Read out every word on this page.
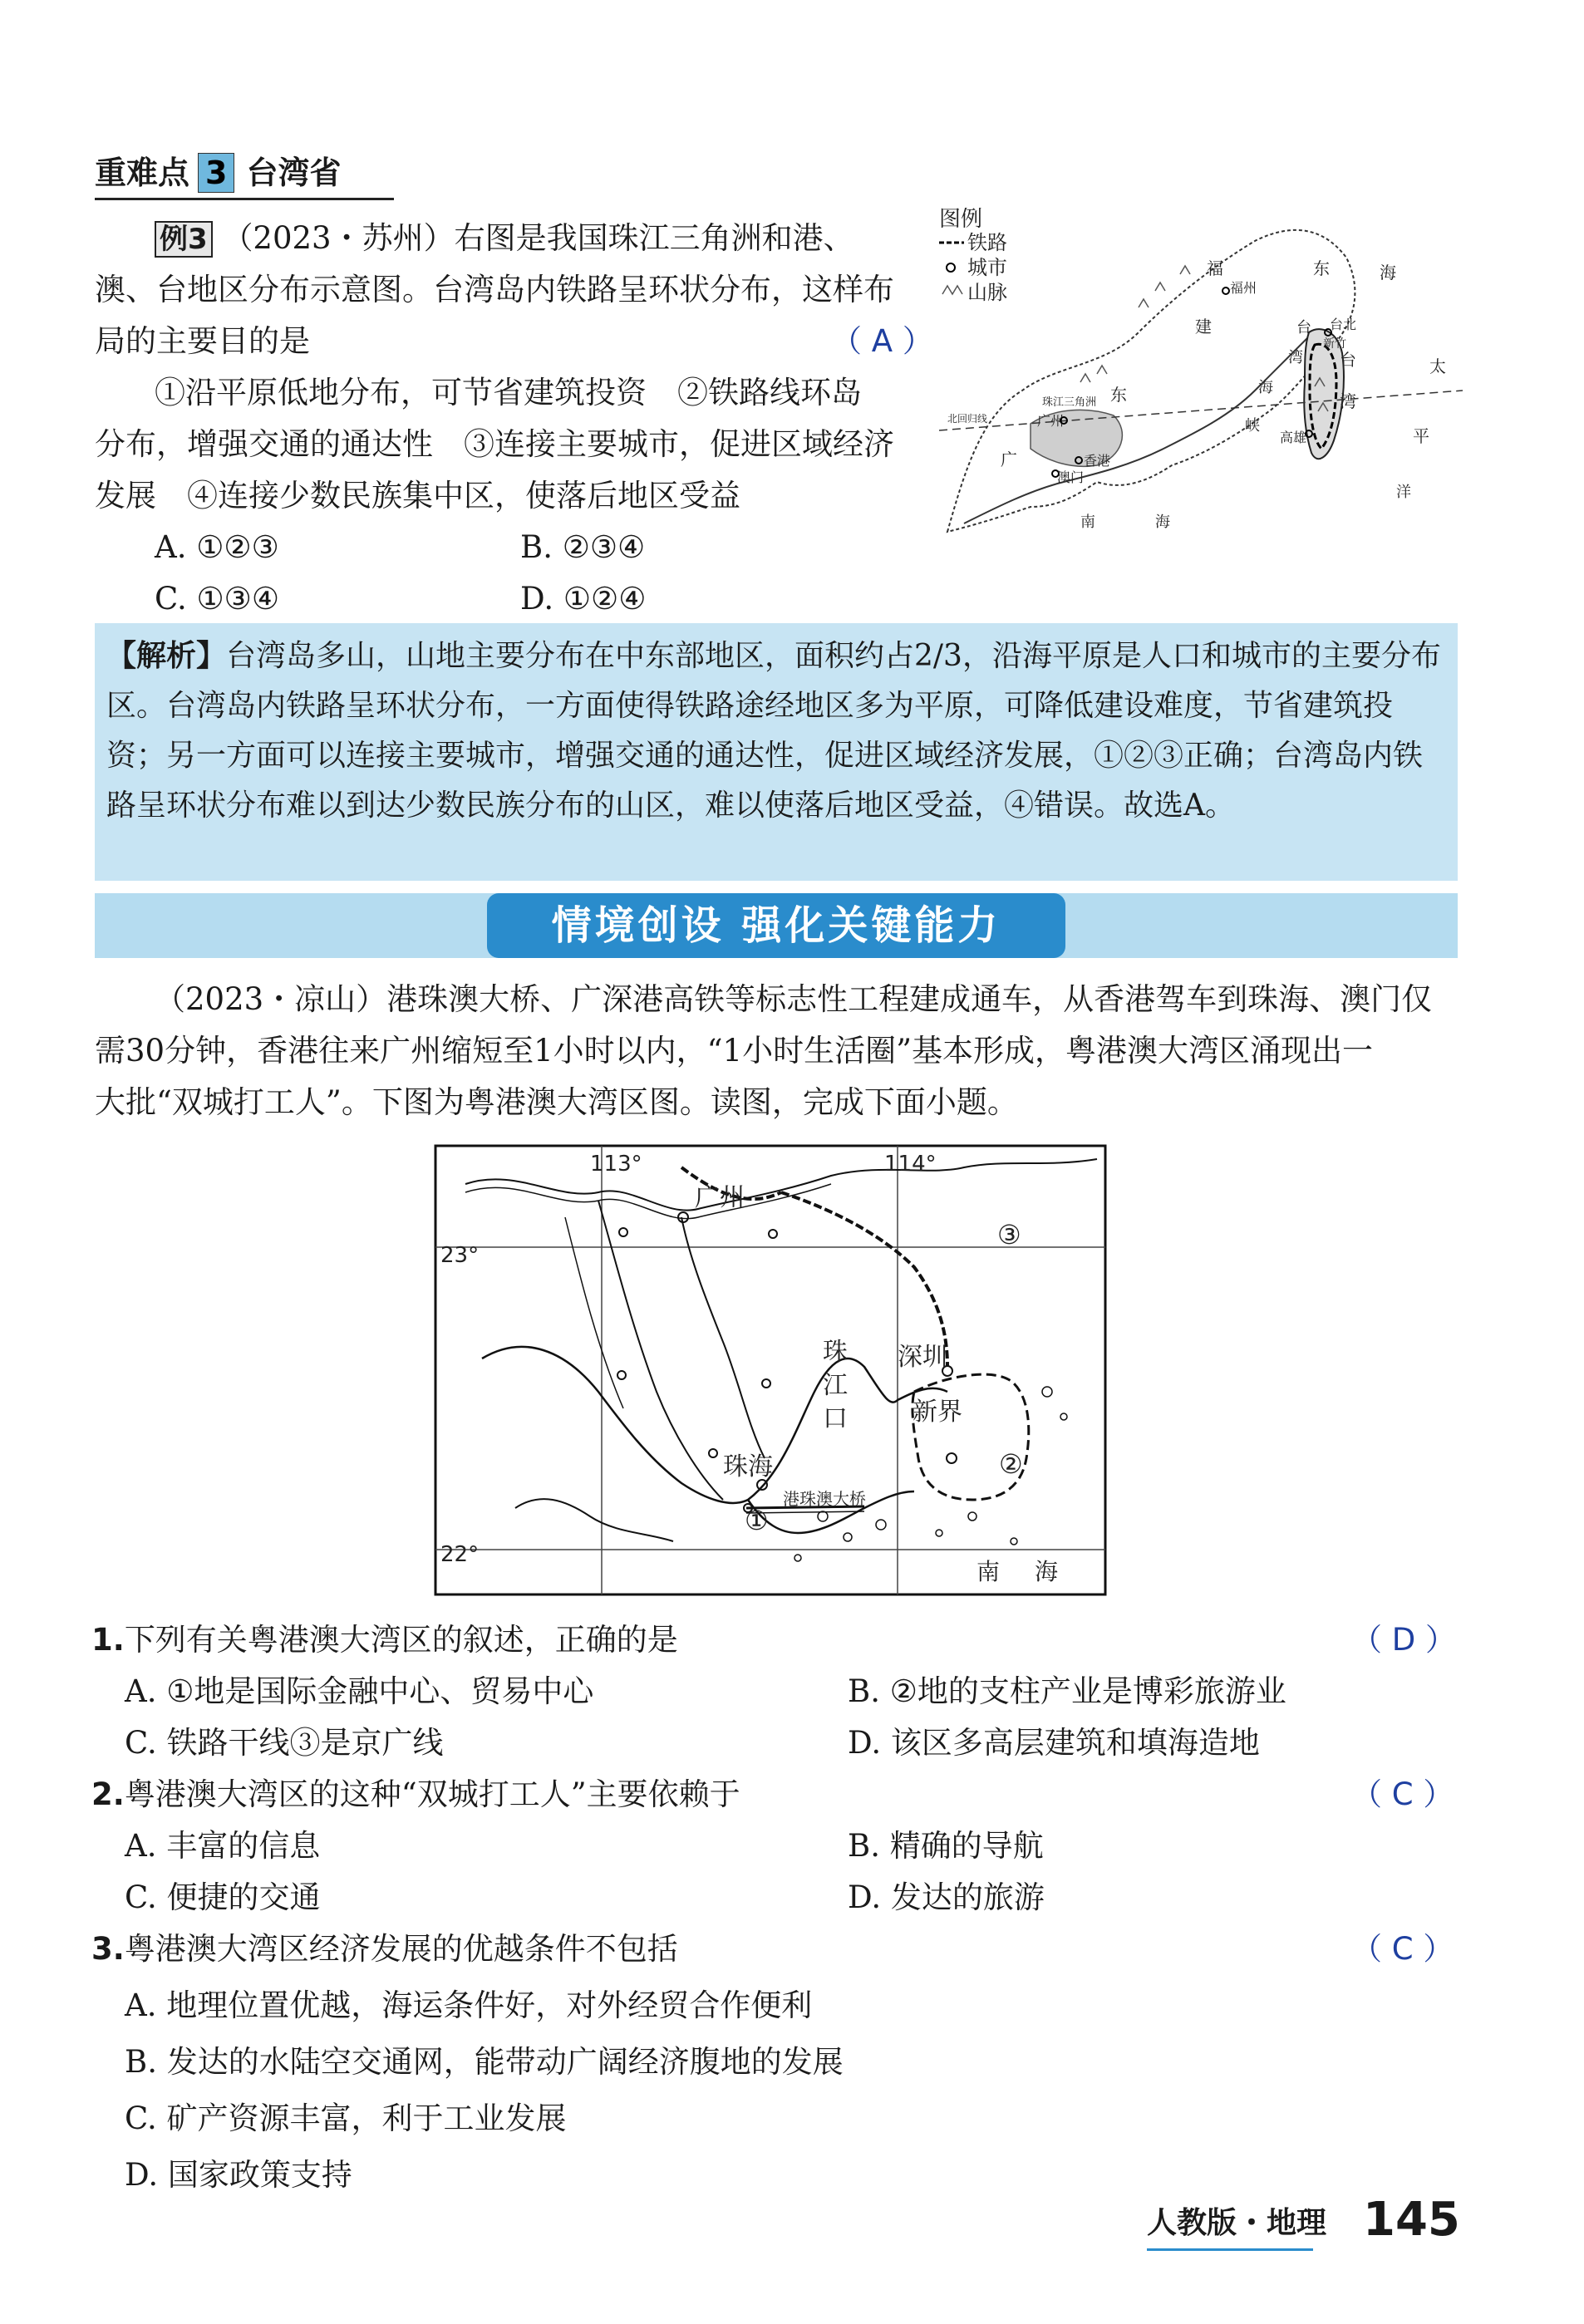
重难点 3 台湾省
例3 （2023・苏州）右图是我国珠江三角洲和港、
澳、台地区分布示意图。台湾岛内铁路呈环状分布，这样布
局的主要目的是	（ A ）
①沿平原低地分布，可节省建筑投资　②铁路线环岛
分布，增强交通的通达性　③连接主要城市，促进区域经济
发展　④连接少数民族集中区，使落后地区受益
A. ①②③	B. ②③④
C. ①③④	D. ①②④
图例
铁路
城市
山脉
福
建
福州
东	海
台北
新竹
台
湾 台
湾
海
峡
高雄
太
平
洋
广
东
广州
珠江三角洲
北回归线
香港
澳门
南	海
【解析】台湾岛多山，山地主要分布在中东部地区，面积约占2/3，沿海平原是人口和城市的主要分布区。台湾岛内铁路呈环状分布，一方面使得铁路途经地区多为平原，可降低建设难度，节省建筑投资；另一方面可以连接主要城市，增强交通的通达性，促进区域经济发展，①②③正确；台湾岛内铁路呈环状分布难以到达少数民族分布的山区，难以使落后地区受益，④错误。故选A。
情境创设 强化关键能力
（2023・凉山）港珠澳大桥、广深港高铁等标志性工程建成通车，从香港驾车到珠海、澳门仅
需30分钟，香港往来广州缩短至1小时以内，“1小时生活圈”基本形成，粤港澳大湾区涌现出一
大批“双城打工人”。下图为粤港澳大湾区图。读图，完成下面小题。
113°	114°
23°
22°
广州
深圳
珠
江
口	新界
珠海
港珠澳大桥
①
②
③
南 海
1.下列有关粤港澳大湾区的叙述，正确的是	（ D ）
A. ①地是国际金融中心、贸易中心	B. ②地的支柱产业是博彩旅游业
C. 铁路干线③是京广线	D. 该区多高层建筑和填海造地
2.粤港澳大湾区的这种“双城打工人”主要依赖于	（ C ）
A. 丰富的信息	B. 精确的导航
C. 便捷的交通	D. 发达的旅游
3.粤港澳大湾区经济发展的优越条件不包括	（ C ）
A. 地理位置优越，海运条件好，对外经贸合作便利
B. 发达的水陆空交通网，能带动广阔经济腹地的发展
C. 矿产资源丰富，利于工业发展
D. 国家政策支持
人教版・地理 145
